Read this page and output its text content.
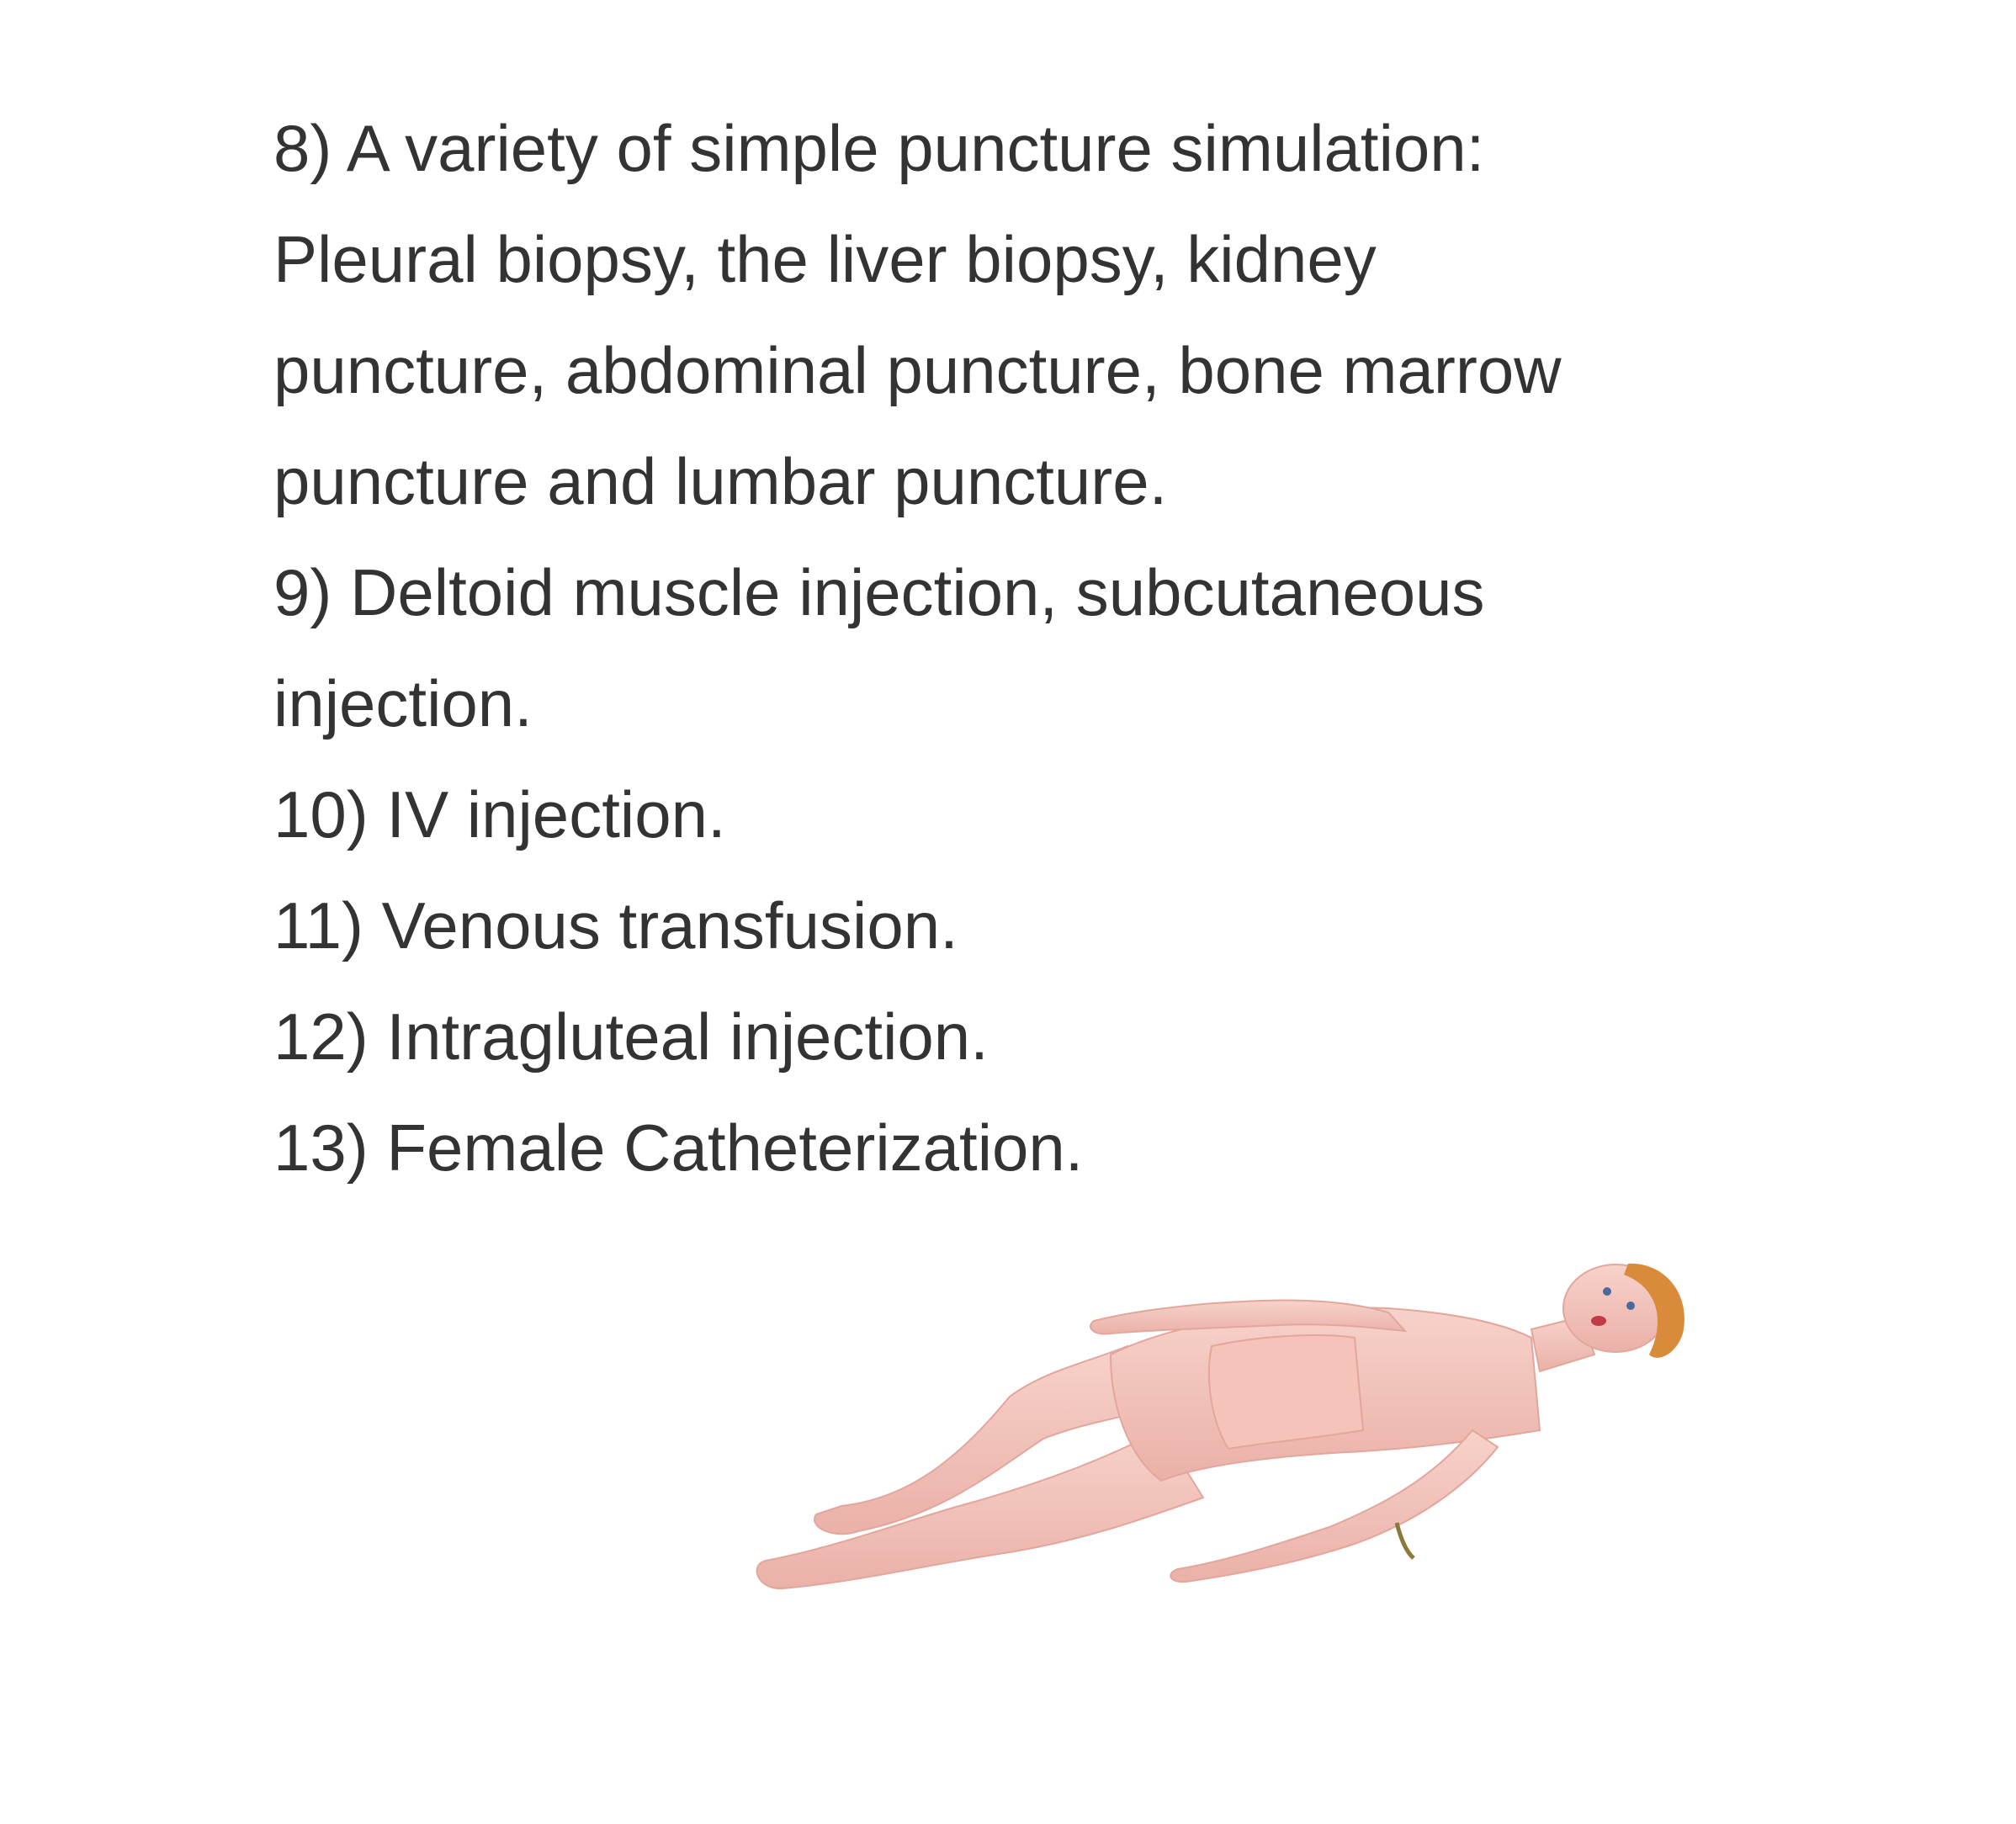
8) A variety of simple puncture simulation:

Pleural biopsy, the liver biopsy, kidney

puncture, abdominal puncture, bone marrow

puncture and lumbar puncture.

9) Deltoid muscle injection, subcutaneous

injection.

10) IV injection.

11) Venous transfusion.

12) Intragluteal injection.

13) Female Catheterization.
